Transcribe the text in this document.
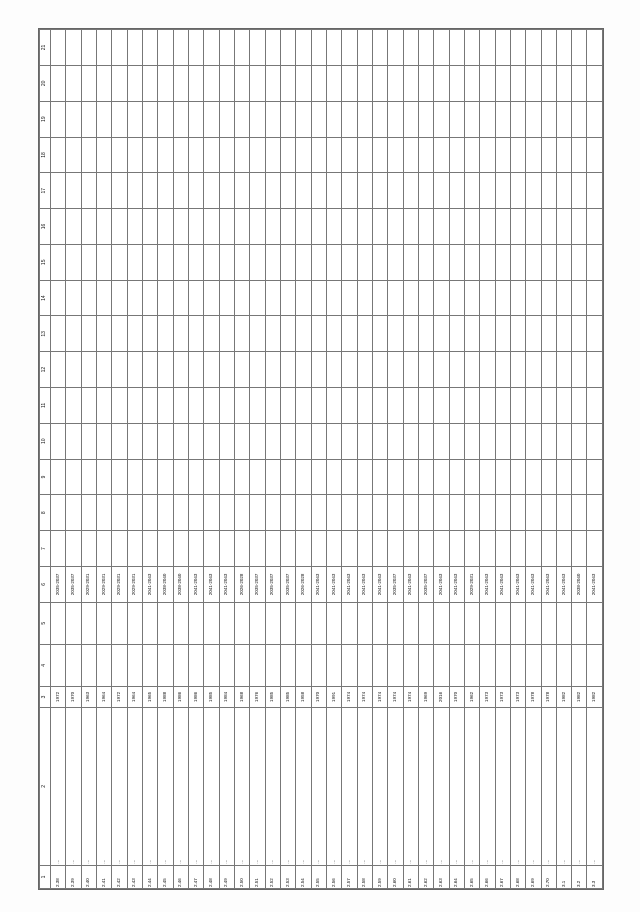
1	2	3	4	5	6	7	8	9	10	11	12	13	14	15	16	17	18	19	20	21
2.38	…	1972			2035-2037															
2.39	…	1970			2035-2037															
2.40	…	1963			2029-2031															
2.41	…	1964			2029-2031															
2.42	…	1972			2029-2031															
2.43	…	1964			2029-2031															
2.44	…	1965			2041-2043															
2.45	…	1988			2038-2040															
2.46	…	1986			2038-2040															
2.47	…	1986			2041-2043															
2.48	…	1985			2041-2043															
2.49	…	1984			2041-2043															
2.50	…	1968			2026-2028															
2.51	…	1976			2035-2037															
2.52	…	1985			2035-2037															
2.53	…	1985			2035-2037															
2.54	…	1958			2026-2028															
2.55	…	1970			2041-2043															
2.56	…	1991			2041-2043															
2.57	…	1974			2041-2043															
2.58	…	1974			2041-2043															
2.59	…	1974			2041-2043															
2.60	…	1974			2035-2037															
2.61	…	1974			2041-2043															
2.62	…	1969			2035-2037															
2.63	…	2016			2041-2043															
2.64	…	1970			2041-2043															
2.65	…	1962			2029-2031															
2.66	…	1973			2041-2043															
2.67	…	1973			2041-2043															
2.68	…	1973			2041-2043															
2.69	…	1978			2041-2043															
2.70	…	1978			2041-2043															
3.1	…	1982			2041-2043															
3.2	…	1982			2038-2040															
3.3	…	1982			2041-2043															
